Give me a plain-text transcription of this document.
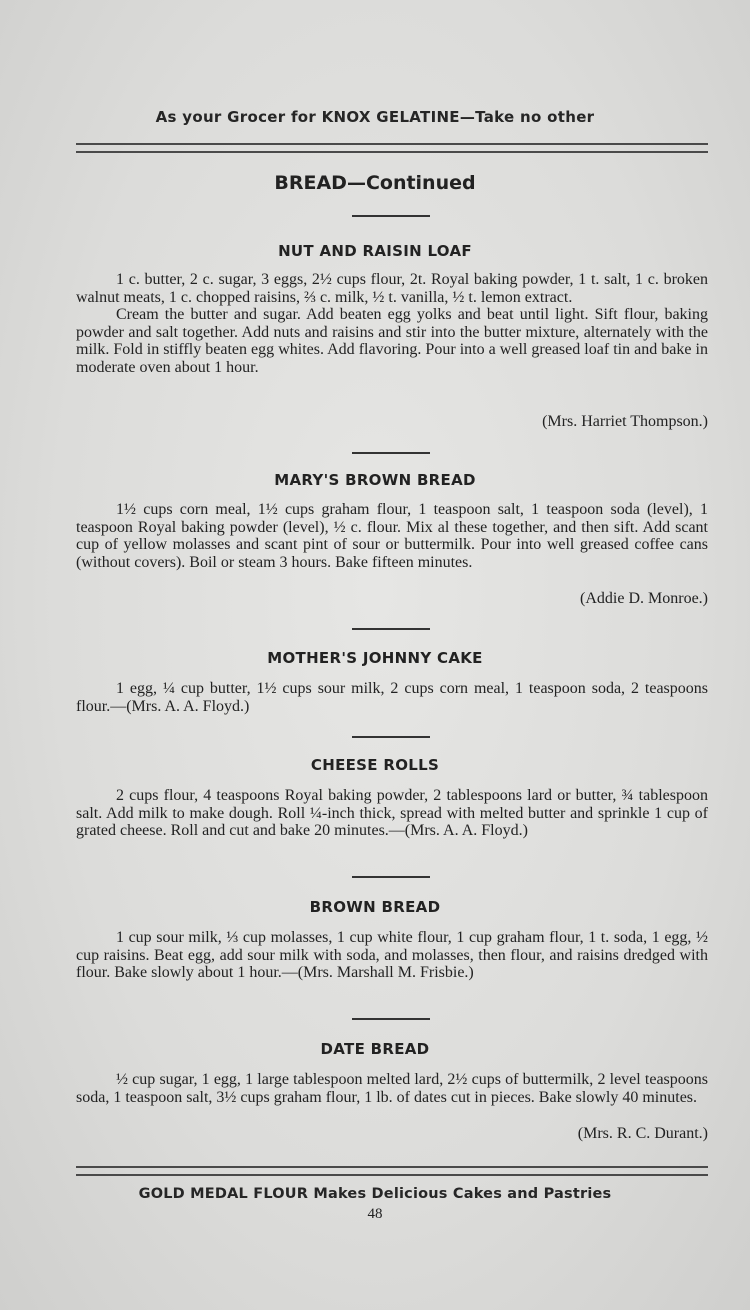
As your Grocer for KNOX GELATINE—Take no other
BREAD—Continued
NUT AND RAISIN LOAF

1 c. butter, 2 c. sugar, 3 eggs, 2½ cups flour, 2t. Royal baking powder, 1 t. salt, 1 c. broken walnut meats, 1 c. chopped raisins, ⅔ c. milk, ½ t. vanilla, ½ t. lemon extract.

Cream the butter and sugar. Add beaten egg yolks and beat until light. Sift flour, baking powder and salt together. Add nuts and raisins and stir into the butter mixture, alternately with the milk. Fold in stiffly beaten egg whites. Add flavoring. Pour into a well greased loaf tin and bake in moderate oven about 1 hour.

(Mrs. Harriet Thompson.)
MARY'S BROWN BREAD

1½ cups corn meal, 1½ cups graham flour, 1 teaspoon salt, 1 teaspoon soda (level), 1 teaspoon Royal baking powder (level), ½ c. flour. Mix al these together, and then sift. Add scant cup of yellow molasses and scant pint of sour or buttermilk. Pour into well greased coffee cans (without covers). Boil or steam 3 hours. Bake fifteen minutes.

(Addie D. Monroe.)
MOTHER'S JOHNNY CAKE

1 egg, ¼ cup butter, 1½ cups sour milk, 2 cups corn meal, 1 teaspoon soda, 2 teaspoons flour.—(Mrs. A. A. Floyd.)

CHEESE ROLLS

2 cups flour, 4 teaspoons Royal baking powder, 2 tablespoons lard or butter, ¾ tablespoon salt. Add milk to make dough. Roll ¼-inch thick, spread with melted butter and sprinkle 1 cup of grated cheese. Roll and cut and bake 20 minutes.—(Mrs. A. A. Floyd.)

BROWN BREAD

1 cup sour milk, ⅓ cup molasses, 1 cup white flour, 1 cup graham flour, 1 t. soda, 1 egg, ½ cup raisins. Beat egg, add sour milk with soda, and molasses, then flour, and raisins dredged with flour. Bake slowly about 1 hour.—(Mrs. Marshall M. Frisbie.)

DATE BREAD

½ cup sugar, 1 egg, 1 large tablespoon melted lard, 2½ cups of buttermilk, 2 level teaspoons soda, 1 teaspoon salt, 3½ cups graham flour, 1 lb. of dates cut in pieces. Bake slowly 40 minutes.

(Mrs. R. C. Durant.)
GOLD MEDAL FLOUR Makes Delicious Cakes and Pastries
48
